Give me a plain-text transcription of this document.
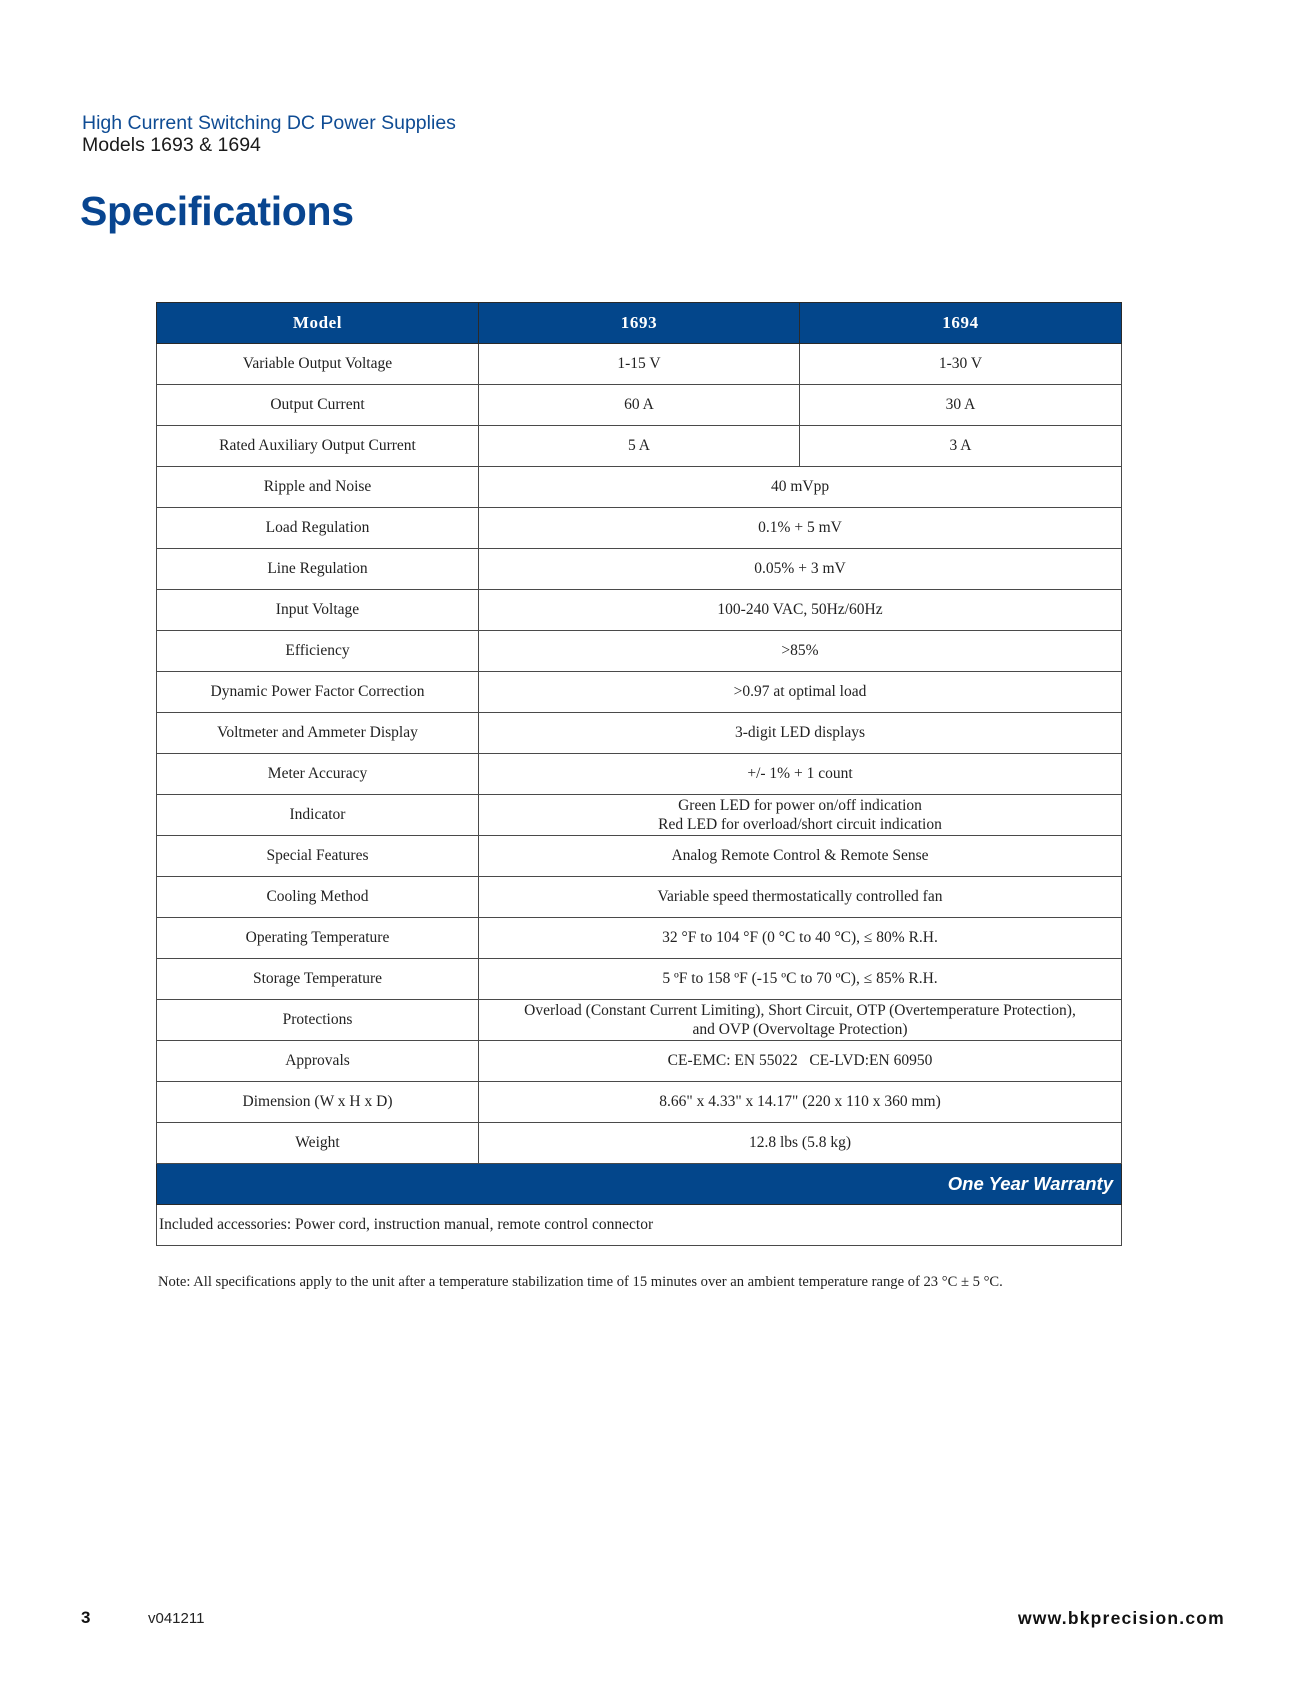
High Current Switching DC Power Supplies
Models 1693 & 1694
Specifications
Model	1693	1694
Variable Output Voltage	1-15 V	1-30 V
Output Current	60 A	30 A
Rated Auxiliary Output Current	5 A	3 A
Ripple and Noise	40 mVpp	
Load Regulation	0.1% + 5 mV	
Line Regulation	0.05% + 3 mV	
Input Voltage	100-240 VAC, 50Hz/60Hz	
Efficiency	>85%	
Dynamic Power Factor Correction	>0.97 at optimal load	
Voltmeter and Ammeter Display	3-digit LED displays	
Meter Accuracy	+/- 1% + 1 count	
Indicator	Green LED for power on/off indication
Red LED for overload/short circuit indication	

Special Features	Analog Remote Control & Remote Sense	
Cooling Method	Variable speed thermostatically controlled fan	
Operating Temperature	32 °F to 104 °F (0 °C to 40 °C), ≤ 80% R.H.	
Storage Temperature	5 ºF to 158 ºF (-15 ºC to 70 ºC), ≤ 85% R.H.	
Protections	Overload (Constant Current Limiting), Short Circuit, OTP (Overtemperature Protection),
and OVP (Overvoltage Protection)	

Approvals	CE-EMC: EN 55022   CE-LVD:EN 60950	
Dimension (W x H x D)	8.66" x 4.33" x 14.17" (220 x 110 x 360 mm)	
Weight	12.8 lbs (5.8 kg)	
One Year Warranty		
Included accessories: Power cord, instruction manual, remote control connector		
Note: All specifications apply to the unit after a temperature stabilization time of 15 minutes over an ambient temperature range of 23 °C ± 5 °C.
3	v041211	www.bkprecision.com
